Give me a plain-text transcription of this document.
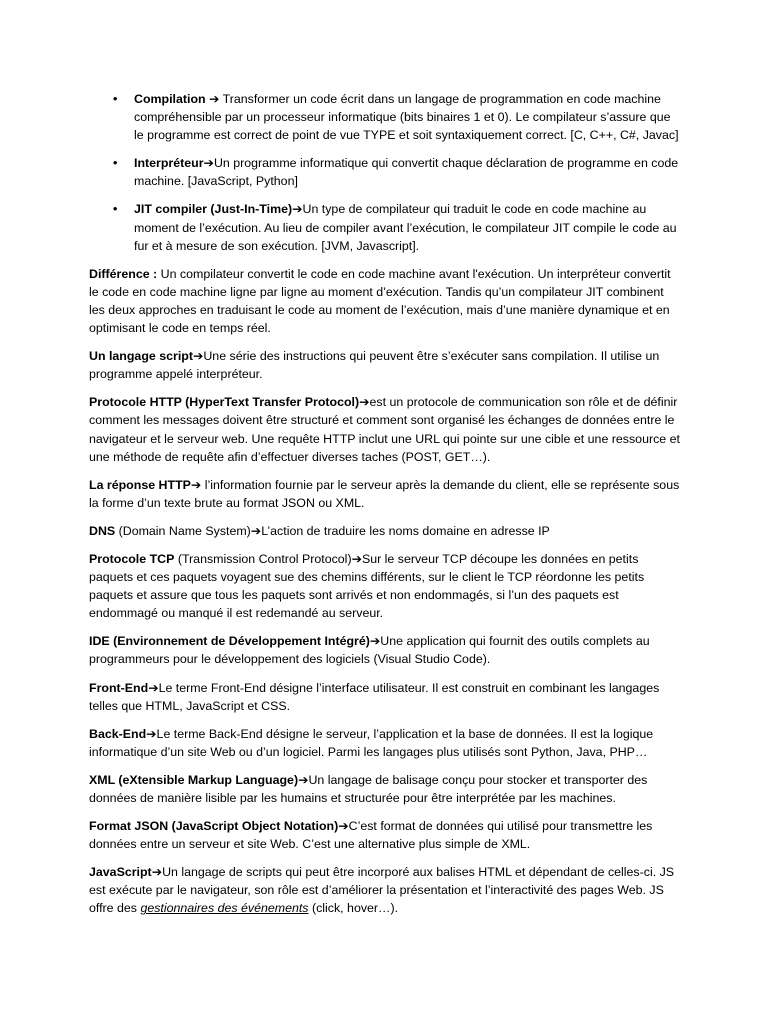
• Compilation ➔ Transformer un code écrit dans un langage de programmation en code machine compréhensible par un processeur informatique (bits binaires 1 et 0). Le compilateur s’assure que le programme est correct de point de vue TYPE et soit syntaxiquement correct. [C, C++, C#, Javac]
• Interpréteur➔Un programme informatique qui convertit chaque déclaration de programme en code machine. [JavaScript, Python]
• JIT compiler (Just-In-Time)➔Un type de compilateur qui traduit le code en code machine au moment de l’exécution. Au lieu de compiler avant l’exécution, le compilateur JIT compile le code au fur et à mesure de son exécution. [JVM, Javascript].

Différence : Un compilateur convertit le code en code machine avant l'exécution. Un interpréteur convertit le code en code machine ligne par ligne au moment d’exécution. Tandis qu’un compilateur JIT combinent les deux approches en traduisant le code au moment de l’exécution, mais d’une manière dynamique et en optimisant le code en temps réel.

Un langage script➔Une série des instructions qui peuvent être s’exécuter sans compilation. Il utilise un programme appelé interpréteur.

Protocole HTTP (HyperText Transfer Protocol)➔est un protocole de communication son rôle et de définir comment les messages doivent être structuré et comment sont organisé les échanges de données entre le navigateur et le serveur web. Une requête HTTP inclut une URL qui pointe sur une cible et une ressource et une méthode de requête afin d’effectuer diverses taches (POST, GET…).

La réponse HTTP➔ l’information fournie par le serveur après la demande du client, elle se représente sous la forme d’un texte brute au format JSON ou XML.

DNS (Domain Name System)➔L’action de traduire les noms domaine en adresse IP

Protocole TCP (Transmission Control Protocol)➔Sur le serveur TCP découpe les données en petits paquets et ces paquets voyagent sue des chemins différents, sur le client le TCP réordonne les petits paquets et assure que tous les paquets sont arrivés et non endommagés, si l’un des paquets est endommagé ou manqué il est redemandé au serveur.

IDE (Environnement de Développement Intégré)➔Une application qui fournit des outils complets au programmeurs pour le développement des logiciels (Visual Studio Code).

Front-End➔Le terme Front-End désigne l’interface utilisateur. Il est construit en combinant les langages telles que HTML, JavaScript et CSS.

Back-End➔Le terme Back-End désigne le serveur, l’application et la base de données. Il est la logique informatique d’un site Web ou d’un logiciel. Parmi les langages plus utilisés sont Python, Java, PHP…

XML (eXtensible Markup Language)➔Un langage de balisage conçu pour stocker et transporter des données de manière lisible par les humains et structurée pour être interprétée par les machines.

Format JSON (JavaScript Object Notation)➔C’est format de données qui utilisé pour transmettre les données entre un serveur et site Web. C’est une alternative plus simple de XML.

JavaScript➔Un langage de scripts qui peut être incorporé aux balises HTML et dépendant de celles-ci. JS est exécute par le navigateur, son rôle est d’améliorer la présentation et l’interactivité des pages Web. JS offre des gestionnaires des événements (click, hover…).
